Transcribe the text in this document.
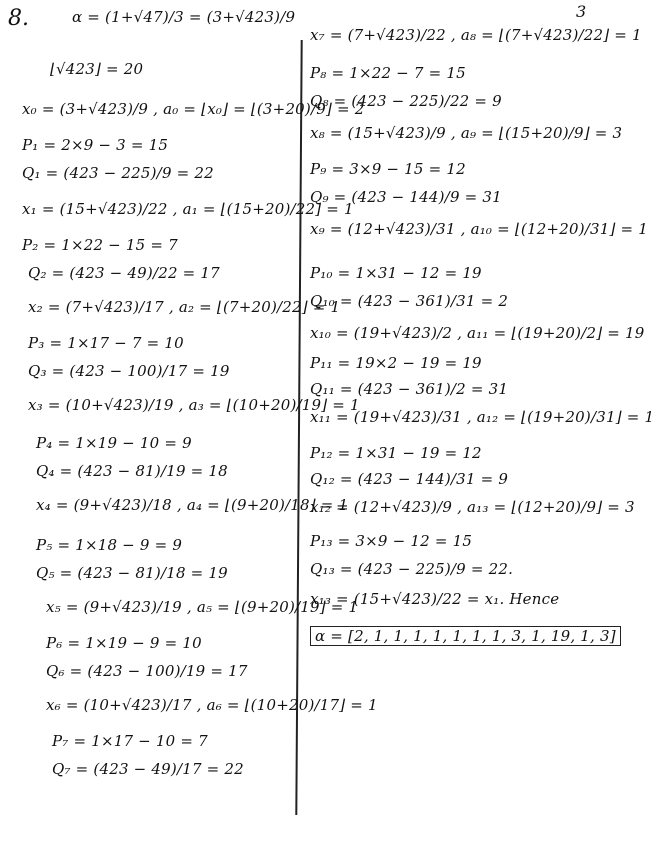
8.	3
α = (1+√47)/3 = (3+√423)/9
⌊√423⌋ = 20
x₀ = (3+√423)/9 , a₀ = ⌊x₀⌋ = ⌊(3+20)/9⌋ = 2
P₁ = 2×9 − 3 = 15
Q₁ = (423 − 225)/9 = 22
x₁ = (15+√423)/22 , a₁ = ⌊(15+20)/22⌋ = 1
P₂ = 1×22 − 15 = 7
Q₂ = (423 − 49)/22 = 17
x₂ = (7+√423)/17 , a₂ = ⌊(7+20)/22⌋ = 1
P₃ = 1×17 − 7 = 10
Q₃ = (423 − 100)/17 = 19
x₃ = (10+√423)/19 , a₃ = ⌊(10+20)/19⌋ = 1
P₄ = 1×19 − 10 = 9
Q₄ = (423 − 81)/19 = 18
x₄ = (9+√423)/18 , a₄ = ⌊(9+20)/18⌋ = 1
P₅ = 1×18 − 9 = 9
Q₅ = (423 − 81)/18 = 19
x₅ = (9+√423)/19 , a₅ = ⌊(9+20)/19⌋ = 1
P₆ = 1×19 − 9 = 10
Q₆ = (423 − 100)/19 = 17
x₆ = (10+√423)/17 , a₆ = ⌊(10+20)/17⌋ = 1
P₇ = 1×17 − 10 = 7
Q₇ = (423 − 49)/17 = 22
x₇ = (7+√423)/22 , a₈ = ⌊(7+√423)/22⌋ = 1
P₈ = 1×22 − 7 = 15
Q₈ = (423 − 225)/22 = 9
x₈ = (15+√423)/9 , a₉ = ⌊(15+20)/9⌋ = 3
P₉ = 3×9 − 15 = 12
Q₉ = (423 − 144)/9 = 31
x₉ = (12+√423)/31 , a₁₀ = ⌊(12+20)/31⌋ = 1
P₁₀ = 1×31 − 12 = 19
Q₁₀ = (423 − 361)/31 = 2
x₁₀ = (19+√423)/2 , a₁₁ = ⌊(19+20)/2⌋ = 19
P₁₁ = 19×2 − 19 = 19
Q₁₁ = (423 − 361)/2 = 31
x₁₁ = (19+√423)/31 , a₁₂ = ⌊(19+20)/31⌋ = 1
P₁₂ = 1×31 − 19 = 12
Q₁₂ = (423 − 144)/31 = 9
x₁₂ = (12+√423)/9 , a₁₃ = ⌊(12+20)/9⌋ = 3
P₁₃ = 3×9 − 12 = 15
Q₁₃ = (423 − 225)/9 = 22.
x₁₃ = (15+√423)/22 = x₁. Hence
α = [2, 1, 1, 1, 1, 1, 1, 1, 3, 1, 19, 1, 3]
